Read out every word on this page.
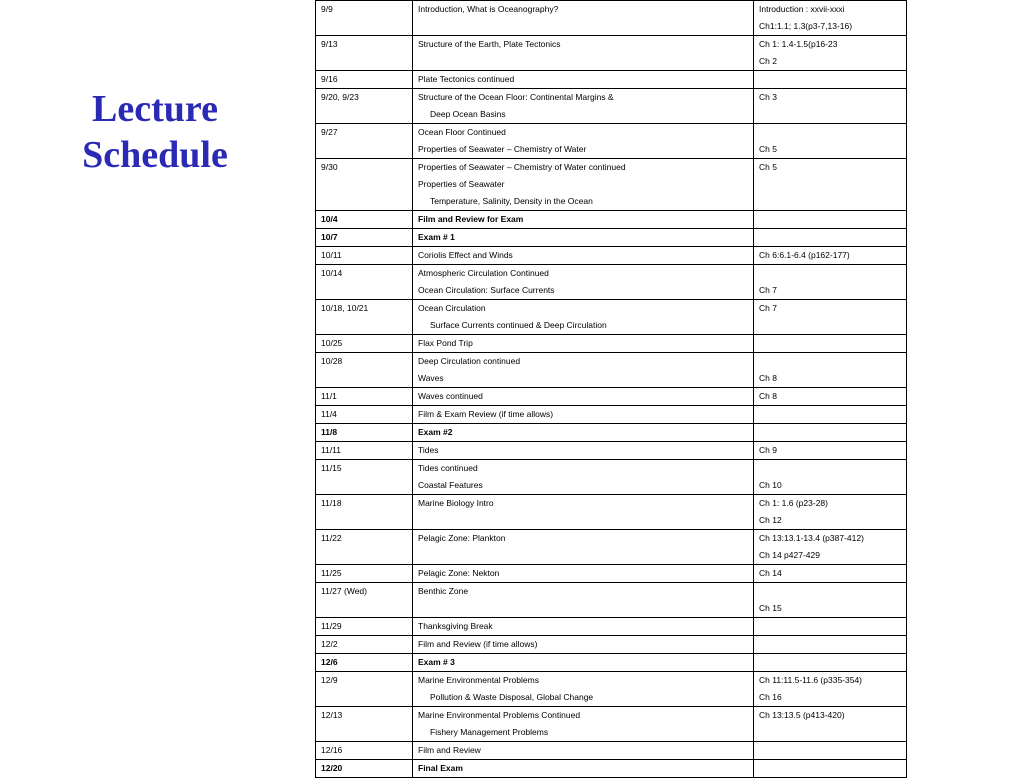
Lecture
Schedule
9/9	Introduction, What is Oceanography?	Introduction : xxvii-xxxi
Ch1:1.1; 1.3(p3-7,13-16)

9/13	Structure of the Earth, Plate Tectonics	Ch 1: 1.4-1.5(p16-23
Ch 2

9/16	Plate Tectonics continued	

9/20, 9/23	Structure of the Ocean Floor: Continental Margins &
Deep Ocean Basins	Ch 3

9/27	Ocean Floor Continued
Properties of Seawater – Chemistry of Water	Ch 5

9/30	Properties of Seawater – Chemistry of Water continued
Properties of Seawater
Temperature, Salinity, Density in the Ocean	Ch 5

10/4	Film and Review for Exam	

10/7	Exam # 1	

10/11	Coriolis Effect and Winds	Ch 6:6.1-6.4 (p162-177)

10/14	Atmospheric Circulation Continued
Ocean Circulation: Surface Currents	Ch 7

10/18, 10/21	Ocean Circulation
Surface Currents continued & Deep Circulation	Ch 7

10/25	Flax Pond Trip	

10/28	Deep Circulation continued
Waves	Ch 8

11/1	Waves continued	Ch 8

11/4	Film & Exam Review (if time allows)	

11/8	Exam #2	

11/11	Tides	Ch 9

11/15	Tides continued
Coastal Features	Ch 10

11/18	Marine Biology Intro	Ch 1: 1.6 (p23-28)
Ch 12

11/22	Pelagic Zone: Plankton	Ch 13:13.1-13.4 (p387-412)
Ch 14 p427-429

11/25	Pelagic Zone: Nekton	Ch 14

11/27 (Wed)	Benthic Zone	Ch 15

11/29	Thanksgiving Break	

12/2	Film and Review (if time allows)	

12/6	Exam # 3	

12/9	Marine Environmental Problems
Pollution & Waste Disposal, Global Change	Ch 11:11.5-11.6 (p335-354)
Ch 16

12/13	Marine Environmental Problems Continued
Fishery Management Problems	Ch 13:13.5 (p413-420)

12/16	Film and Review	

12/20	Final Exam	
